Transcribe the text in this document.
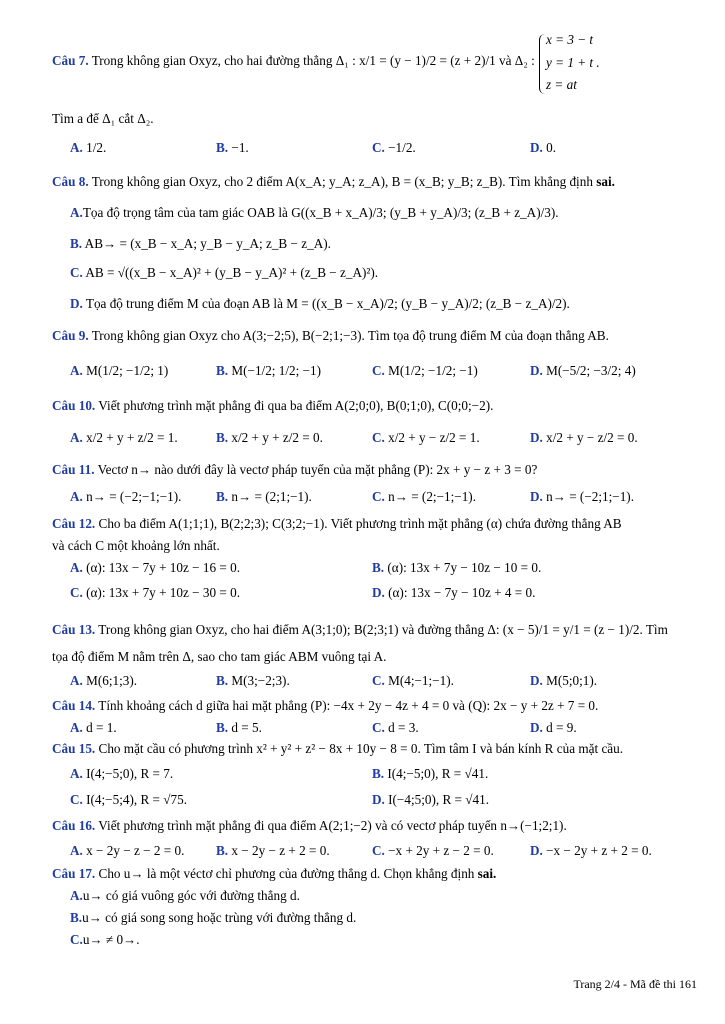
Câu 7. Trong không gian Oxyz, cho hai đường thẳng Δ₁ : x/1 = (y − 1)/2 = (z + 2)/1 và Δ₂ :
x = 3 − t
y = 1 + t .
z = at
Tìm a để Δ₁ cắt Δ₂.
A. 1/2.	B. −1.	C. −1/2.	D. 0.
Câu 8. Trong không gian Oxyz, cho 2 điểm A(x_A; y_A; z_A), B = (x_B; y_B; z_B). Tìm khẳng định sai.
A.Tọa độ trọng tâm của tam giác OAB là G((x_B + x_A)/3; (y_B + y_A)/3; (z_B + z_A)/3).
B. AB→ = (x_B − x_A; y_B − y_A; z_B − z_A).
C. AB = √((x_B − x_A)² + (y_B − y_A)² + (z_B − z_A)²).
D. Tọa độ trung điểm M của đoạn AB là M = ((x_B − x_A)/2; (y_B − y_A)/2; (z_B − z_A)/2).
Câu 9. Trong không gian Oxyz cho A(3;−2;5), B(−2;1;−3). Tìm tọa độ trung điểm M của đoạn thẳng AB.
A. M(1/2; −1/2; 1)	B. M(−1/2; 1/2; −1)	C. M(1/2; −1/2; −1)	D. M(−5/2; −3/2; 4)
Câu 10. Viết phương trình mặt phẳng đi qua ba điểm A(2;0;0), B(0;1;0), C(0;0;−2).
A. x/2 + y + z/2 = 1.	B. x/2 + y + z/2 = 0.	C. x/2 + y − z/2 = 1.	D. x/2 + y − z/2 = 0.
Câu 11. Vectơ n→ nào dưới đây là vectơ pháp tuyến của mặt phẳng (P): 2x + y − z + 3 = 0?
A. n→ = (−2;−1;−1).	B. n→ = (2;1;−1).	C. n→ = (2;−1;−1).	D. n→ = (−2;1;−1).
Câu 12. Cho ba điểm A(1;1;1), B(2;2;3); C(3;2;−1). Viết phương trình mặt phẳng (α) chứa đường thẳng AB
và cách C một khoảng lớn nhất.
A. (α): 13x − 7y + 10z − 16 = 0.	B. (α): 13x + 7y − 10z − 10 = 0.
C. (α): 13x + 7y + 10z − 30 = 0.	D. (α): 13x − 7y − 10z + 4 = 0.
Câu 13. Trong không gian Oxyz, cho hai điểm A(3;1;0); B(2;3;1) và đường thẳng Δ: (x − 5)/1 = y/1 = (z − 1)/2. Tìm
tọa độ điểm M nằm trên Δ, sao cho tam giác ABM vuông tại A.
A. M(6;1;3).	B. M(3;−2;3).	C. M(4;−1;−1).	D. M(5;0;1).
Câu 14. Tính khoảng cách d giữa hai mặt phẳng (P): −4x + 2y − 4z + 4 = 0 và (Q): 2x − y + 2z + 7 = 0.
A. d = 1.	B. d = 5.	C. d = 3.	D. d = 9.
Câu 15. Cho mặt cầu có phương trình x² + y² + z² − 8x + 10y − 8 = 0. Tìm tâm I và bán kính R của mặt cầu.
A. I(4;−5;0), R = 7.	B. I(4;−5;0), R = √41.
C. I(4;−5;4), R = √75.	D. I(−4;5;0), R = √41.
Câu 16. Viết phương trình mặt phẳng đi qua điểm A(2;1;−2) và có vectơ pháp tuyến n→(−1;2;1).
A. x − 2y − z − 2 = 0. B. x − 2y − z + 2 = 0.	C. −x + 2y + z − 2 = 0.	D. −x − 2y + z + 2 = 0.
Câu 17. Cho u→ là một véctơ chỉ phương của đường thẳng d. Chọn khẳng định sai.
A.u→ có giá vuông góc với đường thẳng d.
B.u→ có giá song song hoặc trùng với đường thẳng d.
C.u→ ≠ 0→.
Trang 2/4 - Mã đề thi 161
